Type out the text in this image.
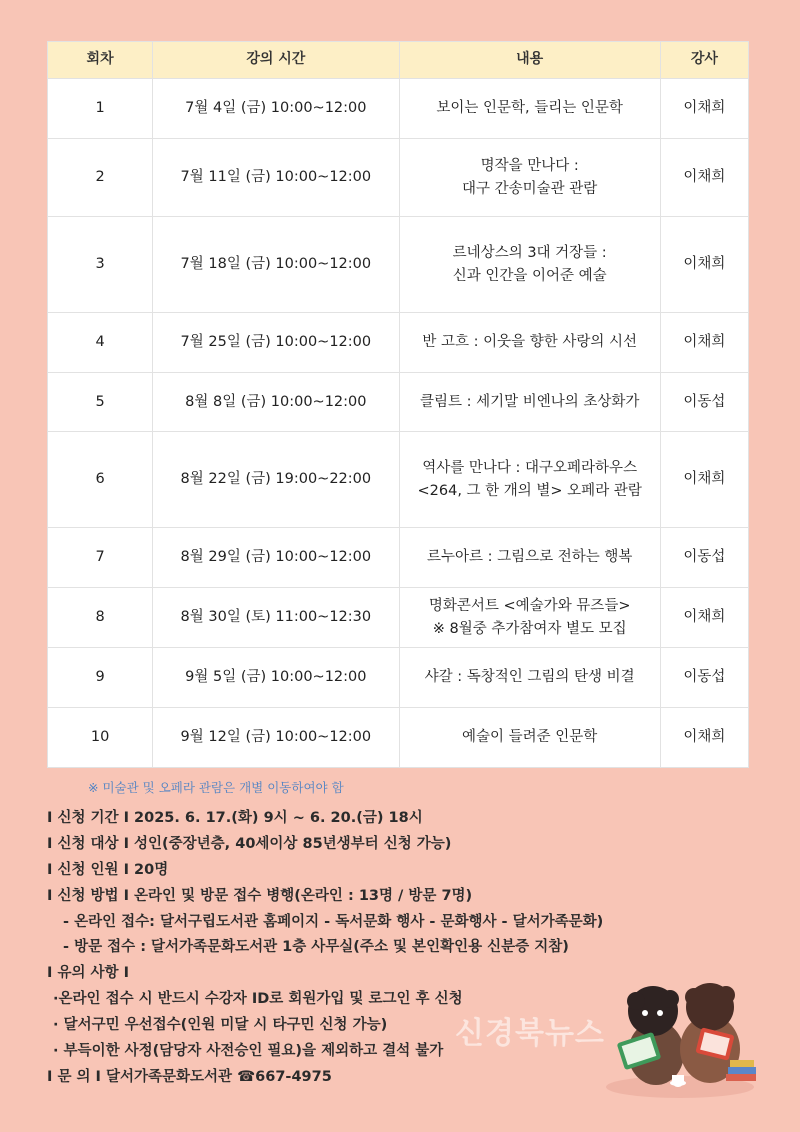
회차	강의 시간	내용	강사
1	7월 4일 (금) 10:00~12:00	보이는 인문학, 들리는 인문학	이채희
2	7월 11일 (금) 10:00~12:00	명작을 만나다 :
대구 간송미술관 관람	이채희
3	7월 18일 (금) 10:00~12:00	르네상스의 3대 거장들 :
신과 인간을 이어준 예술	이채희
4	7월 25일 (금) 10:00~12:00	반 고흐 : 이웃을 향한 사랑의 시선	이채희
5	8월 8일 (금) 10:00~12:00	클림트 : 세기말 비엔나의 초상화가	이동섭
6	8월 22일 (금) 19:00~22:00	역사를 만나다 : 대구오페라하우스
<264, 그 한 개의 별> 오페라 관람	이채희
7	8월 29일 (금) 10:00~12:00	르누아르 : 그림으로 전하는 행복	이동섭
8	8월 30일 (토) 11:00~12:30	명화콘서트 <예술가와 뮤즈들>
※ 8월중 추가참여자 별도 모집	이채희
9	9월 5일 (금) 10:00~12:00	샤갈 : 독창적인 그림의 탄생 비결	이동섭
10	9월 12일 (금) 10:00~12:00	예술이 들려준 인문학	이채희
※ 미술관 및 오페라 관람은 개별 이동하여야 함
I 신청 기간 I 2025. 6. 17.(화) 9시 ~ 6. 20.(금) 18시
I 신청 대상 I 성인(중장년층, 40세이상 85년생부터 신청 가능)
I 신청 인원 I 20명
I 신청 방법 I 온라인 및 방문 접수 병행(온라인 : 13명 / 방문 7명)
- 온라인 접수: 달서구립도서관 홈페이지 - 독서문화 행사 - 문화행사 - 달서가족문화)
- 방문 접수 : 달서가족문화도서관 1층 사무실(주소 및 본인확인용 신분증 지참)
I 유의 사항 I
·온라인 접수 시 반드시 수강자 ID로 회원가입 및 로그인 후 신청
· 달서구민 우선접수(인원 미달 시 타구민 신청 가능)
· 부득이한 사정(담당자 사전승인 필요)을 제외하고 결석 불가
I 문 의 I 달서가족문화도서관 ☎667-4975
신경북뉴스
